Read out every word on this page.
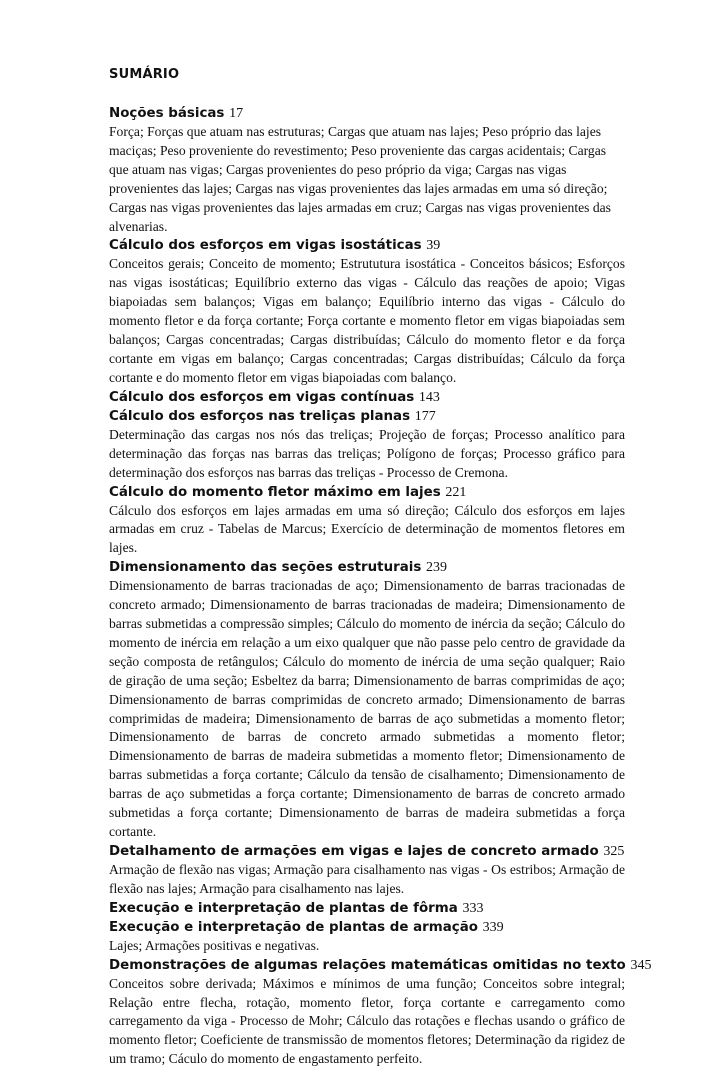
SUMÁRIO
Noções básicas 17
Força; Forças que atuam nas estruturas; Cargas que atuam nas lajes; Peso próprio das lajes maciças; Peso proveniente do revestimento; Peso proveniente das cargas acidentais; Cargas que atuam nas vigas; Cargas provenientes do peso próprio da viga; Cargas nas vigas provenientes das lajes; Cargas nas vigas provenientes das lajes armadas em uma só direção; Cargas nas vigas provenientes das lajes armadas em cruz; Cargas nas vigas provenientes das alvenarias.
Cálculo dos esforços em vigas isostáticas 39
Conceitos gerais; Conceito de momento; Estrututura isostática - Conceitos básicos; Esforços nas vigas isostáticas; Equilíbrio externo das vigas - Cálculo das reações de apoio; Vigas biapoiadas sem balanços; Vigas em balanço; Equilíbrio interno das vigas - Cálculo do momento fletor e da força cortante; Força cortante e momento fletor em vigas biapoiadas sem balanços; Cargas concentradas; Cargas distribuídas; Cálculo do momento fletor e da força cortante em vigas em balanço; Cargas concentradas; Cargas distribuídas; Cálculo da força cortante e do momento fletor em vigas biapoiadas com balanço.
Cálculo dos esforços em vigas contínuas 143
Cálculo dos esforços nas treliças planas 177
Determinação das cargas nos nós das treliças; Projeção de forças; Processo analítico para determinação das forças nas barras das treliças; Polígono de forças; Processo gráfico para determinação dos esforços nas barras das treliças - Processo de Cremona.
Cálculo do momento fletor máximo em lajes 221
Cálculo dos esforços em lajes armadas em uma só direção; Cálculo dos esforços em lajes armadas em cruz - Tabelas de Marcus; Exercício de determinação de momentos fletores em lajes.
Dimensionamento das seções estruturais 239
Dimensionamento de barras tracionadas de aço; Dimensionamento de barras tracionadas de concreto armado; Dimensionamento de barras tracionadas de madeira; Dimensionamento de barras submetidas a compressão simples; Cálculo do momento de inércia da seção; Cálculo do momento de inércia em relação a um eixo qualquer que não passe pelo centro de gravidade da seção composta de retângulos; Cálculo do momento de inércia de uma seção qualquer; Raio de giração de uma seção; Esbeltez da barra; Dimensionamento de barras comprimidas de aço; Dimensionamento de barras comprimidas de concreto armado; Dimensionamento de barras comprimidas de madeira; Dimensionamento de barras de aço submetidas a momento fletor; Dimensionamento de barras de concreto armado submetidas a momento fletor; Dimensionamento de barras de madeira submetidas a momento fletor; Dimensionamento de barras submetidas a força cortante; Cálculo da tensão de cisalhamento; Dimensionamento de barras de aço submetidas a força cortante; Dimensionamento de barras de concreto armado submetidas a força cortante; Dimensionamento de barras de madeira submetidas a força cortante.
Detalhamento de armações em vigas e lajes de concreto armado 325
Armação de flexão nas vigas; Armação para cisalhamento nas vigas - Os estribos; Armação de flexão nas lajes; Armação para cisalhamento nas lajes.
Execução e interpretação de plantas de fôrma 333
Execução e interpretação de plantas de armação 339
Lajes; Armações positivas e negativas.
Demonstrações de algumas relações matemáticas omitidas no texto 345
Conceitos sobre derivada; Máximos e mínimos de uma função; Conceitos sobre integral; Relação entre flecha, rotação, momento fletor, força cortante e carregamento como carregamento da viga - Processo de Mohr; Cálculo das rotações e flechas usando o gráfico de momento fletor; Coeficiente de transmissão de momentos fletores; Determinação da rigidez de um tramo; Cáculo do momento de engastamento perfeito.
